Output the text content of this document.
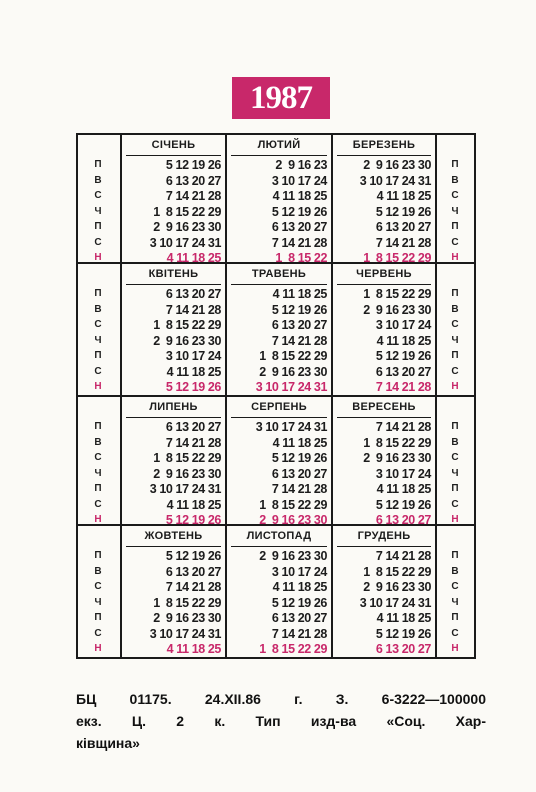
1987
П
В
С
Ч
П
С
Н
П
В
С
Ч
П
С
Н
П
В
С
Ч
П
С
Н
П
В
С
Ч
П
С
Н
П
В
С
Ч
П
С
Н
П
В
С
Ч
П
С
Н
П
В
С
Ч
П
С
Н
П
В
С
Ч
П
С
Н
СІЧЕНЬ
5 12 19 26
6 13 20 27
7 14 21 28
1  8 15 22 29
2  9 16 23 30
3 10 17 24 31
4 11 18 25
ЛЮТИЙ
2  9 16 23
3 10 17 24
4 11 18 25
5 12 19 26
6 13 20 27
7 14 21 28
1  8 15 22
БЕРЕЗЕНЬ
2  9 16 23 30
3 10 17 24 31
4 11 18 25
5 12 19 26
6 13 20 27
7 14 21 28
1  8 15 22 29
КВІТЕНЬ
6 13 20 27
7 14 21 28
1  8 15 22 29
2  9 16 23 30
3 10 17 24
4 11 18 25
5 12 19 26
ТРАВЕНЬ
4 11 18 25
5 12 19 26
6 13 20 27
7 14 21 28
1  8 15 22 29
2  9 16 23 30
3 10 17 24 31
ЧЕРВЕНЬ
1  8 15 22 29
2  9 16 23 30
3 10 17 24
4 11 18 25
5 12 19 26
6 13 20 27
7 14 21 28
ЛИПЕНЬ
6 13 20 27
7 14 21 28
1  8 15 22 29
2  9 16 23 30
3 10 17 24 31
4 11 18 25
5 12 19 26
СЕРПЕНЬ
3 10 17 24 31
4 11 18 25
5 12 19 26
6 13 20 27
7 14 21 28
1  8 15 22 29
2  9 16 23 30
ВЕРЕСЕНЬ
7 14 21 28
1  8 15 22 29
2  9 16 23 30
3 10 17 24
4 11 18 25
5 12 19 26
6 13 20 27
ЖОВТЕНЬ
5 12 19 26
6 13 20 27
7 14 21 28
1  8 15 22 29
2  9 16 23 30
3 10 17 24 31
4 11 18 25
ЛИСТОПАД
2  9 16 23 30
3 10 17 24
4 11 18 25
5 12 19 26
6 13 20 27
7 14 21 28
1  8 15 22 29
ГРУДЕНЬ
7 14 21 28
1  8 15 22 29
2  9 16 23 30
3 10 17 24 31
4 11 18 25
5 12 19 26
6 13 20 27
БЦ 01175. 24.XII.86 г. З. 6-3222—100000
екз. Ц. 2 к. Тип изд-ва «Соц. Хар-
ківщина»
